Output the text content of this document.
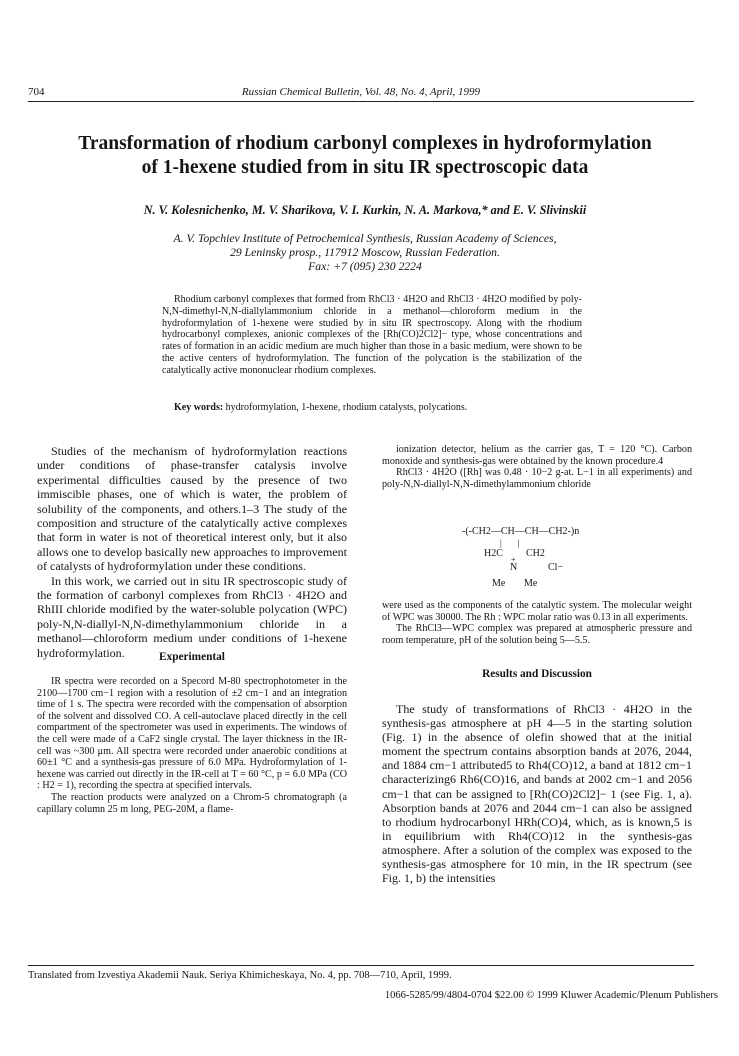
704	Russian Chemical Bulletin, Vol. 48, No. 4, April, 1999
Transformation of rhodium carbonyl complexes in hydroformylation
of 1-hexene studied from in situ IR spectroscopic data
N. V. Kolesnichenko, M. V. Sharikova, V. I. Kurkin, N. A. Markova,* and E. V. Slivinskii
A. V. Topchiev Institute of Petrochemical Synthesis, Russian Academy of Sciences,
29 Leninsky prosp., 117912 Moscow, Russian Federation.
Fax: +7 (095) 230 2224
Rhodium carbonyl complexes that formed from RhCl3 · 4H2O and RhCl3 · 4H2O modified by poly-N,N-dimethyl-N,N-diallylammonium chloride in a methanol—chloroform medium in the hydroformylation of 1-hexene were studied by in situ IR spectroscopy. Along with the rhodium hydrocarbonyl complexes, anionic complexes of the [Rh(CO)2Cl2]− type, whose concentrations and rates of formation in an acidic medium are much higher than those in a basic medium, were shown to be the active centers of hydroformylation. The function of the polycation is the stabilization of the catalytically active mononuclear rhodium complexes.
Key words: hydroformylation, 1-hexene, rhodium catalysts, polycations.

Studies of the mechanism of hydroformylation reactions under conditions of phase-transfer catalysis involve experimental difficulties caused by the presence of two immiscible phases, one of which is water, the problem of solubility of the components, and others.1–3 The study of the composition and structure of the catalytically active complexes that form in water is not of theoretical interest only, but it also allows one to develop basically new approaches to improvement of catalysts of hydroformylation under these conditions.

In this work, we carried out in situ IR spectroscopic study of the formation of carbonyl complexes from RhCl3 · 4H2O and RhIII chloride modified by the water-soluble polycation (WPC) poly-N,N-diallyl-N,N-dimethylammonium chloride in a methanol—chloroform medium under conditions of 1-hexene hydroformylation.	Experimental

IR spectra were recorded on a Specord M-80 spectrophotometer in the 2100—1700 cm−1 region with a resolution of ±2 cm−1 and an integration time of 1 s. The spectra were recorded with the compensation of absorption of the solvent and dissolved CO. A cell-autoclave placed directly in the cell compartment of the spectrometer was used in experiments. The windows of the cell were made of a CaF2 single crystal. The layer thickness in the IR-cell was ~300 μm. All spectra were recorded under anaerobic conditions at 60±1 °C and a synthesis-gas pressure of 6.0 MPa. Hydroformylation of 1-hexene was carried out directly in the IR-cell at T = 60 °C, p = 6.0 MPa (CO : H2 = 1), recording the spectra at specified intervals.

The reaction products were analyzed on a Chrom-5 chromatograph (a capillary column 25 m long, PEG-20M, a flame-

ionization detector, helium as the carrier gas, T = 120 °C). Carbon monoxide and synthesis-gas were obtained by the known procedure.4

RhCl3 · 4H2O ([Rh] was 0.48 · 10−2 g-at. L−1 in all experiments) and poly-N,N-diallyl-N,N-dimethylammonium chloride

-(-CH2—CH—CH—CH2-)n
|       |
H2C CH2
+
N	Cl−
Me Me

were used as the components of the catalytic system. The molecular weight of WPC was 30000. The Rh : WPC molar ratio was 0.13 in all experiments.

The RhCl3—WPC complex was prepared at atmospheric pressure and room temperature, pH of the solution being 5—5.5.

Results and Discussion

The study of transformations of RhCl3 · 4H2O in the synthesis-gas atmosphere at pH 4—5 in the starting solution (Fig. 1) in the absence of olefin showed that at the initial moment the spectrum contains absorption bands at 2076, 2044, and 1884 cm−1 attributed5 to Rh4(CO)12, a band at 1812 cm−1 characterizing6 Rh6(CO)16, and bands at 2002 cm−1 and 2056 cm−1 that can be assigned to [Rh(CO)2Cl2]− 1 (see Fig. 1, a). Absorption bands at 2076 and 2044 cm−1 can also be assigned to rhodium hydrocarbonyl HRh(CO)4, which, as is known,5 is in equilibrium with Rh4(CO)12 in the synthesis-gas atmosphere. After a solution of the complex was exposed to the synthesis-gas atmosphere for 10 min, in the IR spectrum (see Fig. 1, b) the intensities

Translated from Izvestiya Akademii Nauk. Seriya Khimicheskaya, No. 4, pp. 708—710, April, 1999.
1066-5285/99/4804-0704 $22.00 © 1999 Kluwer Academic/Plenum Publishers
